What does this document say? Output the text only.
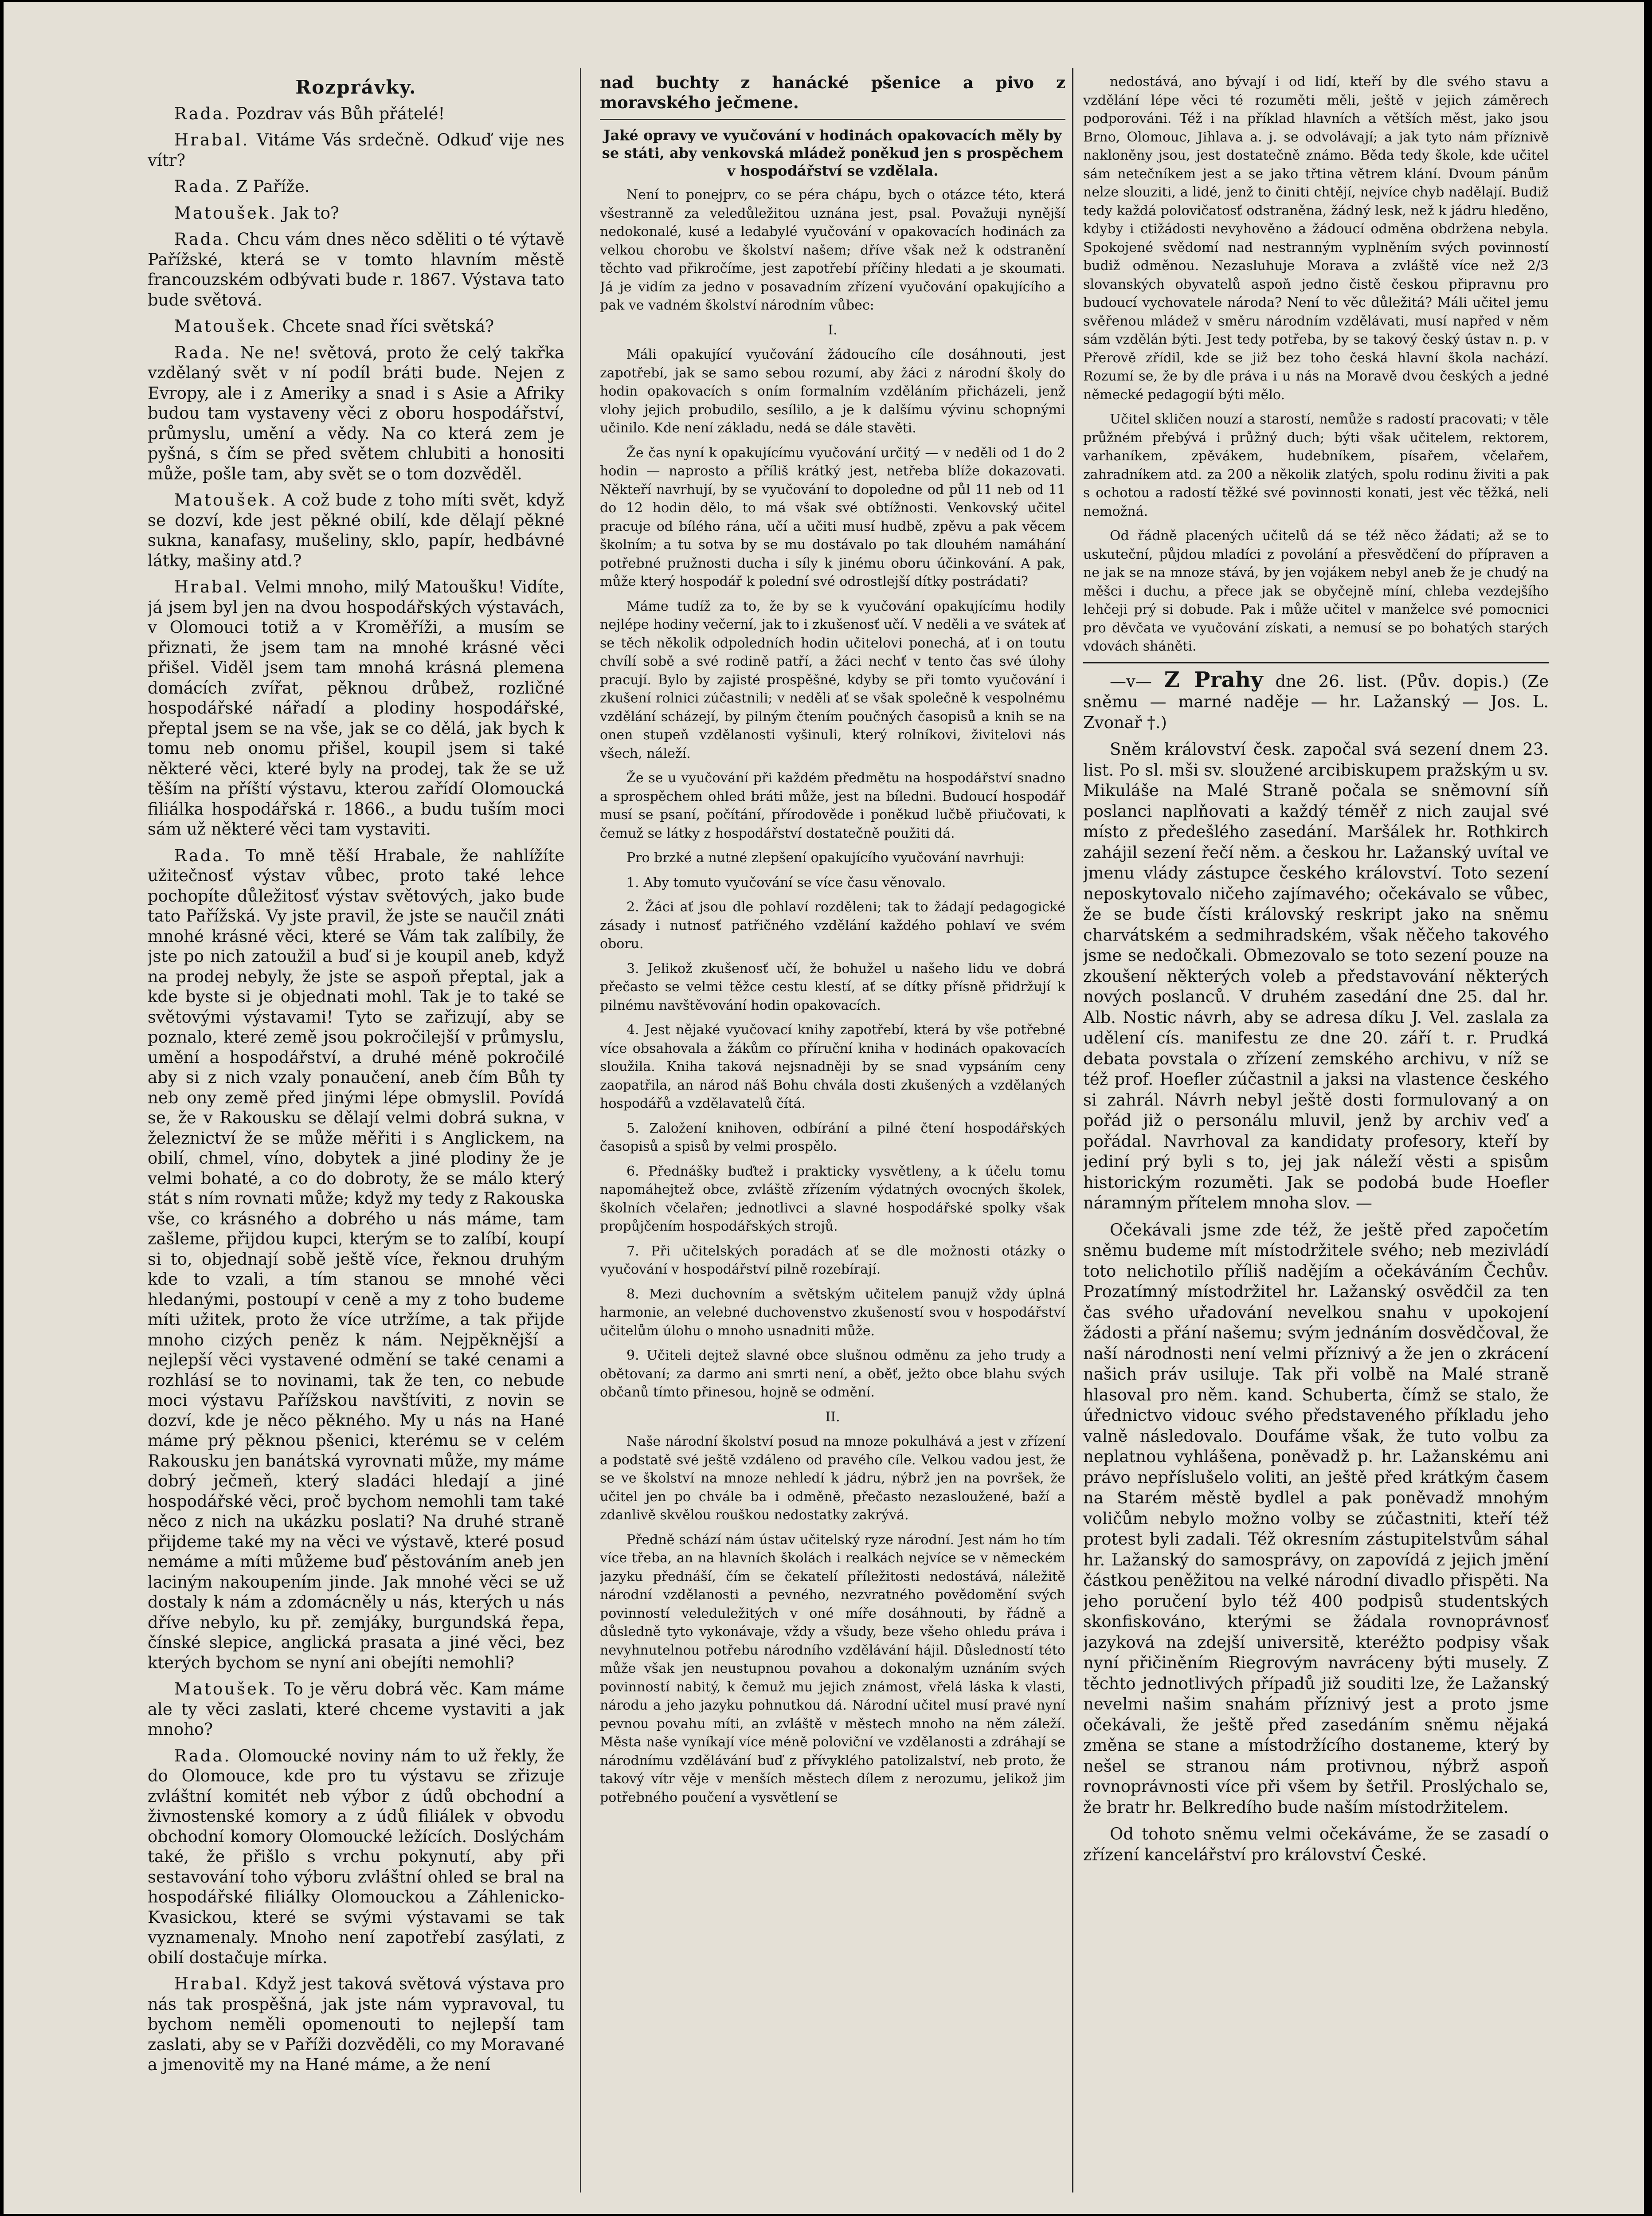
Rozprávky.

Rada. Pozdrav vás Bůh přátelé!

Hrabal. Vitáme Vás srdečně. Odkuď vije nes vítr?

Rada. Z Paříže.

Matoušek. Jak to?

Rada. Chcu vám dnes něco sděliti o té výtavě Pařížské, která se v tomto hlavním městě francouzském odbývati bude r. 1867. Výstava tato bude světová.

Matoušek. Chcete snad říci světská?

Rada. Ne ne! světová, proto že celý takřka vzdělaný svět v ní podíl bráti bude. Nejen z Evropy, ale i z Ameriky a snad i s Asie a Afriky budou tam vystaveny věci z oboru hospodářství, průmyslu, umění a vědy. Na co která zem je pyšná, s čím se před světem chlubiti a honositi může, pošle tam, aby svět se o tom dozvěděl.

Matoušek. A což bude z toho míti svět, když se dozví, kde jest pěkné obilí, kde dělají pěkné sukna, kanafasy, mušeliny, sklo, papír, hedbávné látky, mašiny atd.?

Hrabal. Velmi mnoho, milý Matoušku! Vidíte, já jsem byl jen na dvou hospodářských výstavách, v Olomouci totiž a v Kroměříži, a musím se přiznati, že jsem tam na mnohé krásné věci přišel. Viděl jsem tam mnohá krásná plemena domácích zvířat, pěknou drůbež, rozličné hospodářské nářadí a plodiny hospodářské, přeptal jsem se na vše, jak se co dělá, jak bych k tomu neb onomu přišel, koupil jsem si také některé věci, které byly na prodej, tak že se už těším na příští výstavu, kterou zařídí Olomoucká filiálka hospodářská r. 1866., a budu tuším moci sám už některé věci tam vystaviti.

Rada. To mně těší Hrabale, že nahlížíte užitečnosť výstav vůbec, proto také lehce pochopíte důležitosť výstav světových, jako bude tato Pařížská. Vy jste pravil, že jste se naučil znáti mnohé krásné věci, které se Vám tak zalíbily, že jste po nich zatoužil a buď si je koupil aneb, když na prodej nebyly, že jste se aspoň přeptal, jak a kde byste si je objednati mohl. Tak je to také se světovými výstavami! Tyto se zařizují, aby se poznalo, které země jsou pokročilejší v průmyslu, umění a hospodářství, a druhé méně pokročilé aby si z nich vzaly ponaučení, aneb čím Bůh ty neb ony země před jinými lépe obmyslil. Povídá se, že v Rakousku se dělají velmi dobrá sukna, v železnictví že se může měřiti i s Anglickem, na obilí, chmel, víno, dobytek a jiné plodiny že je velmi bohaté, a co do dobroty, že se málo který stát s ním rovnati může; když my tedy z Rakouska vše, co krásného a dobrého u nás máme, tam zašleme, přijdou kupci, kterým se to zalíbí, koupí si to, objednají sobě ještě více, řeknou druhým kde to vzali, a tím stanou se mnohé věci hledanými, postoupí v ceně a my z toho budeme míti užitek, proto že více utržíme, a tak přijde mnoho cizých peněz k nám. Nejpěknější a nejlepší věci vystavené odmění se také cenami a rozhlásí se to novinami, tak že ten, co nebude moci výstavu Pařížskou navštíviti, z novin se dozví, kde je něco pěkného. My u nás na Hané máme prý pěknou pšenici, kterému se v celém Rakousku jen banátská vyrovnati může, my máme dobrý ječmeň, který sladáci hledají a jiné hospodářské věci, proč bychom nemohli tam také něco z nich na ukázku poslati? Na druhé straně přijdeme také my na věci ve výstavě, které posud nemáme a míti můžeme buď pěstováním aneb jen laciným nakoupením jinde. Jak mnohé věci se už dostaly k nám a zdomácněly u nás, kterých u nás dříve nebylo, ku př. zemjáky, burgundská řepa, čínské slepice, anglická prasata a jiné věci, bez kterých bychom se nyní ani obejíti nemohli?

Matoušek. To je věru dobrá věc. Kam máme ale ty věci zaslati, které chceme vystaviti a jak mnoho?

Rada. Olomoucké noviny nám to už řekly, že do Olomouce, kde pro tu výstavu se zřizuje zvláštní komitét neb výbor z údů obchodní a živnostenské komory a z údů filiálek v obvodu obchodní komory Olomoucké ležících. Doslýchám také, že přišlo s vrchu pokynutí, aby při sestavování toho výboru zvláštní ohled se bral na hospodářské filiálky Olomouckou a Záhlenicko-Kvasickou, které se svými výstavami se tak vyznamenaly. Mnoho není zapotřebí zasýlati, z obilí dostačuje mírka.

Hrabal. Když jest taková světová výstava pro nás tak prospěšná, jak jste nám vypravoval, tu bychom neměli opomenouti to nejlepší tam zaslati, aby se v Paříži dozvěděli, co my Moravané a jmenovitě my na Hané máme, a že není

nad buchty z hanácké pšenice a pivo z moravského ječmene.

Jaké opravy ve vyučování v hodinách opakovacích měly by se státi, aby venkovská mládež poněkud jen s prospěchem v hospodářství se vzdělala.

Není to ponejprv, co se péra chápu, bych o otázce této, která všestranně za veledůležitou uznána jest, psal. Považuji nynější nedokonalé, kusé a ledabylé vyučování v opakovacích hodinách za velkou chorobu ve školství našem; dříve však než k odstranění těchto vad přikročíme, jest zapotřebí příčiny hledati a je skoumati. Já je vidím za jedno v posavadním zřízení vyučování opakujícího a pak ve vadném školství národním vůbec:

I.

Máli opakující vyučování žádoucího cíle dosáhnouti, jest zapotřebí, jak se samo sebou rozumí, aby žáci z národní školy do hodin opakovacích s oním formalním vzděláním přicházeli, jenž vlohy jejich probudilo, sesílilo, a je k dalšímu vývinu schopnými učinilo. Kde není základu, nedá se dále stavěti.

Že čas nyní k opakujícímu vyučování určitý — v neděli od 1 do 2 hodin — naprosto a příliš krátký jest, netřeba blíže dokazovati. Někteří navrhují, by se vyučování to dopoledne od půl 11 neb od 11 do 12 hodin dělo, to má však své obtížnosti. Venkovský učitel pracuje od bílého rána, učí a učiti musí hudbě, zpěvu a pak věcem školním; a tu sotva by se mu dostávalo po tak dlouhém namáhání potřebné pružnosti ducha i síly k jinému oboru účinkování. A pak, může který hospodář k polední své odrostlejší dítky postrádati?

Máme tudíž za to, že by se k vyučování opakujícímu hodily nejlépe hodiny večerní, jak to i zkušenosť učí. V neděli a ve svátek ať se těch několik odpoledních hodin učitelovi ponechá, ať i on toutu chvílí sobě a své rodině patří, a žáci nechť v tento čas své úlohy pracují. Bylo by zajisté prospěšné, kdyby se při tomto vyučování i zkušení rolnici zúčastnili; v neděli ať se však společně k vespolnému vzdělání scházejí, by pilným čtením poučných časopisů a knih se na onen stupeň vzdělanosti vyšinuli, který rolníkovi, živitelovi nás všech, náleží.

Že se u vyučování při každém předmětu na hospodářství snadno a sprospěchem ohled bráti může, jest na bíledni. Budoucí hospodář musí se psaní, počítání, přírodověde i poněkud lučbě přiučovati, k čemuž se látky z hospodářství dostatečně použiti dá.

Pro brzké a nutné zlepšení opakujícího vyučování navrhuji:

1. Aby tomuto vyučování se více času věnovalo.

2. Žáci ať jsou dle pohlaví rozděleni; tak to žádají pedagogické zásady i nutnosť patřičného vzdělání každého pohlaví ve svém oboru.

3. Jelikož zkušenosť učí, že bohužel u našeho lidu ve dobrá přečasto se velmi těžce cestu klestí, ať se dítky přísně přidržují k pilnému navštěvování hodin opakovacích.

4. Jest nějaké vyučovací knihy zapotřebí, která by vše potřebné více obsahovala a žákům co příruční kniha v hodinách opakovacích sloužila. Kniha taková nejsnadněji by se snad vypsáním ceny zaopatřila, an národ náš Bohu chvála dosti zkušených a vzdělaných hospodářů a vzdělavatelů čítá.

5. Založení knihoven, odbírání a pilné čtení hospodářských časopisů a spisů by velmi prospělo.

6. Přednášky buďtež i prakticky vysvětleny, a k účelu tomu napomáhejtež obce, zvláště zřízením výdatných ovocných školek, školních včelařen; jednotlivci a slavné hospodářské spolky však propůjčením hospodářských strojů.

7. Při učitelských poradách ať se dle možnosti otázky o vyučování v hospodářství pilně rozebírají.

8. Mezi duchovním a světským učitelem panujž vždy úplná harmonie, an velebné duchovenstvo zkušeností svou v hospodářství učitelům úlohu o mnoho usnadniti může.

9. Učiteli dejtež slavné obce slušnou odměnu za jeho trudy a obětovaní; za darmo ani smrti není, a oběť, ježto obce blahu svých občanů tímto přinesou, hojně se odmění.

II.

Naše národní školství posud na mnoze pokulhává a jest v zřízení a podstatě své ještě vzdáleno od pravého cíle. Velkou vadou jest, že se ve školství na mnoze nehledí k jádru, nýbrž jen na površek, že učitel jen po chvále ba i odměně, přečasto nezasloužené, baží a zdanlivě skvělou rouškou nedostatky zakrývá.

Předně schází nám ústav učitelský ryze národní. Jest nám ho tím více třeba, an na hlavních školách i realkách nejvíce se v německém jazyku přednáší, čím se čekatelí příležitosti nedostává, náležitě národní vzdělanosti a pevného, nezvratného povědomění svých povinností veleduležitých v oné míře dosáhnouti, by řádně a důsledně tyto vykonávaje, vždy a všudy, beze všeho ohledu práva i nevyhnutelnou potřebu národního vzdělávání hájil. Důsledností této může však jen neustupnou povahou a dokonalým uznáním svých povinností nabitý, k čemuž mu jejich známost, vřelá láska k vlasti, národu a jeho jazyku pohnutkou dá. Národní učitel musí pravé nyní pevnou povahu míti, an zvláště v městech mnoho na něm záleží. Města naše vyníkají více méně poloviční ve vzdělanosti a zdráhají se národnímu vzdělávání buď z přívyklého patolizalství, neb proto, že takový vítr věje v menších městech dílem z nerozumu, jelikož jim potřebného poučení a vysvětlení se

nedostává, ano bývají i od lidí, kteří by dle svého stavu a vzdělání lépe věci té rozuměti měli, ještě v jejich záměrech podporováni. Též i na příklad hlavních a větších měst, jako jsou Brno, Olomouc, Jihlava a. j. se odvolávají; a jak tyto nám příznivě nakloněny jsou, jest dostatečně známo. Běda tedy škole, kde učitel sám netečníkem jest a se jako třtina větrem klání. Dvoum pánům nelze slouziti, a lidé, jenž to činiti chtějí, nejvíce chyb nadělají. Budiž tedy každá polovičatosť odstraněna, žádný lesk, než k jádru hleděno, kdyby i ctižádosti nevyhověno a žádoucí odměna obdržena nebyla. Spokojené svědomí nad nestranným vyplněním svých povinností budiž odměnou. Nezasluhuje Morava a zvláště více než 2/3 slovanských obyvatelů aspoň jedno čistě českou připravnu pro budoucí vychovatele národa? Není to věc důležitá? Máli učitel jemu svěřenou mládež v směru národním vzdělávati, musí napřed v něm sám vzdělán býti. Jest tedy potřeba, by se takový český ústav n. p. v Přerově zřídil, kde se již bez toho česká hlavní škola nachází. Rozumí se, že by dle práva i u nás na Moravě dvou českých a jedné německé pedagogií býti mělo.

Učitel skličen nouzí a starostí, nemůže s radostí pracovati; v těle průžném přebývá i průžný duch; býti však učitelem, rektorem, varhaníkem, zpěvákem, hudebníkem, písařem, včelařem, zahradníkem atd. za 200 a několik zlatých, spolu rodinu živiti a pak s ochotou a radostí těžké své povinnosti konati, jest věc těžká, neli nemožná.

Od řádně placených učitelů dá se též něco žádati; až se to uskuteční, půjdou mladíci z povolání a přesvědčení do přípraven a ne jak se na mnoze stává, by jen vojákem nebyl aneb že je chudý na měšci i duchu, a přece jak se obyčejně míní, chleba vezdejšího lehčeji prý si dobude. Pak i může učitel v manželce své pomocnici pro děvčata ve vyučování získati, a nemusí se po bohatých starých vdovách sháněti.

—v— Z Prahy dne 26. list. (Pův. dopis.) (Ze sněmu — marné naděje — hr. Lažanský — Jos. L. Zvonař †.)

Sněm království česk. započal svá sezení dnem 23. list. Po sl. mši sv. sloužené arcibiskupem pražským u sv. Mikuláše na Malé Straně počala se sněmovní síň poslanci naplňovati a každý téměř z nich zaujal své místo z předešlého zasedání. Maršálek hr. Rothkirch zahájil sezení řečí něm. a českou hr. Lažanský uvítal ve jmenu vlády zástupce českého království. Toto sezení neposkytovalo ničeho zajímavého; očekávalo se vůbec, že se bude čísti královský reskript jako na sněmu charvátském a sedmihradském, však něčeho takového jsme se nedočkali. Obmezovalo se toto sezení pouze na zkoušení některých voleb a představování některých nových poslanců. V druhém zasedání dne 25. dal hr. Alb. Nostic návrh, aby se adresa díku J. Vel. zaslala za udělení cís. manifestu ze dne 20. září t. r. Prudká debata povstala o zřízení zemského archivu, v níž se též prof. Hoefler zúčastnil a jaksi na vlastence českého si zahrál. Návrh nebyl ještě dosti formulovaný a on pořád již o personálu mluvil, jenž by archiv veď a pořádal. Navrhoval za kandidaty profesory, kteří by jediní prý byli s to, jej jak náleží věsti a spisům historickým rozuměti. Jak se podobá bude Hoefler náramným přítelem mnoha slov. —

Očekávali jsme zde též, že ještě před započetím sněmu budeme mít místodržitele svého; neb mezivládí toto nelichotilo příliš nadějím a očekáváním Čechův. Prozatímný místodržitel hr. Lažanský osvědčil za ten čas svého uřadování nevelkou snahu v upokojení žádosti a přání našemu; svým jednáním dosvědčoval, že naší národnosti není velmi příznivý a že jen o zkrácení našich práv usiluje. Tak při volbě na Malé straně hlasoval pro něm. kand. Schuberta, čímž se stalo, že úřednictvo vidouc svého představeného příkladu jeho valně následovalo. Doufáme však, že tuto volbu za neplatnou vyhlášena, poněvadž p. hr. Lažanskému ani právo nepříslušelo voliti, an ještě před krátkým časem na Starém městě bydlel a pak poněvadž mnohým voličům nebylo možno volby se zúčastniti, kteří též protest byli zadali. Též okresním zástupitelstvům sáhal hr. Lažanský do samosprávy, on zapovídá z jejich jmění částkou peněžitou na velké národní divadlo přispěti. Na jeho poručení bylo též 400 podpisů studentských skonfiskováno, kterými se žádala rovnoprávnosť jazyková na zdejší universitě, kteréžto podpisy však nyní přičiněním Riegrovým navráceny býti musely. Z těchto jednotlivých případů již souditi lze, že Lažanský nevelmi našim snahám příznivý jest a proto jsme očekávali, že ještě před zasedáním sněmu nějaká změna se stane a místodržícího dostaneme, který by nešel se stranou nám protivnou, nýbrž aspoň rovnoprávnosti více při všem by šetřil. Proslýchalo se, že bratr hr. Belkredího bude naším místodržitelem.

Od tohoto sněmu velmi očekáváme, že se zasadí o zřízení kancelářství pro království České.
